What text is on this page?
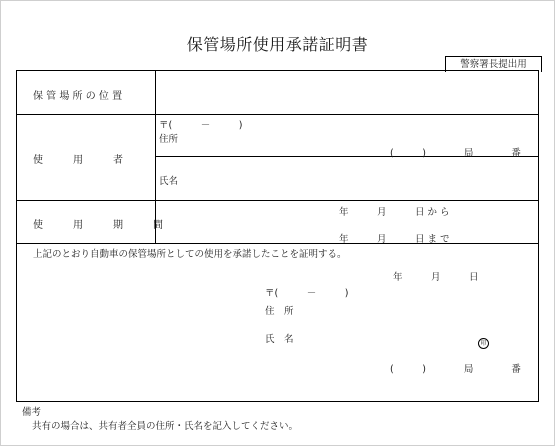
保管場所使用承諾証明書
警察署長提出用
保 管 場 所 の 位 置
使　　　用　　　者
使　　　用　　　期　　　間
〒(　　　－　　　)
住所
(　　　)　　　　局　　　　番
氏名
年　　　月　　　日 か ら
年　　　月　　　日 ま で
上記のとおり自動車の保管場所としての使用を承諾したことを証明する。
年　　　月　　　日
〒(　　　－　　　)
住　所
氏　名	印
(　　　)　　　　局　　　　番
備考
共有の場合は、共有者全員の住所・氏名を記入してください。
